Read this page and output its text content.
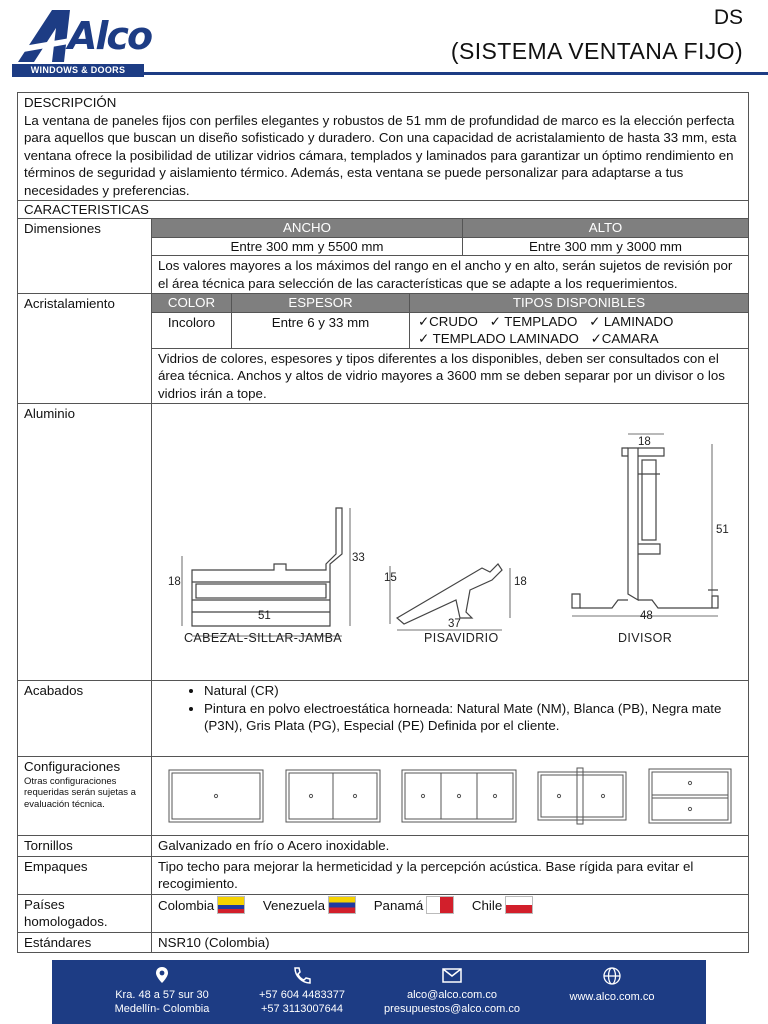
Alco
WINDOWS & DOORS
DS
(SISTEMA VENTANA FIJO)
DESCRIPCIÓN
La ventana de paneles fijos con perfiles elegantes y robustos de 51 mm de profundidad de marco es la elección perfecta para aquellos que buscan un diseño sofisticado y duradero. Con una capacidad de acristalamiento de hasta 33 mm, esta ventana ofrece la posibilidad de utilizar vidrios cámara, templados y laminados para garantizar un óptimo rendimiento en términos de seguridad y aislamiento térmico. Además, esta ventana se puede personalizar para adaptarse a tus necesidades y preferencias.
CARACTERISTICAS
Dimensiones	ANCHO	ALTO
Entre 300 mm y 5500 mm	Entre 300 mm y 3000 mm
Los valores mayores a los máximos del rango en el ancho y en alto, serán sujetos de revisión por el área técnica para selección de las características que se adapte a los requerimientos.
Acristalamiento	COLOR	ESPESOR	TIPOS DISPONIBLES
Incoloro	Entre 6 y 33 mm	✓CRUDO ✓ TEMPLADO ✓ LAMINADO
✓ TEMPLADO LAMINADO ✓CAMARA
Vidrios de colores, espesores y tipos diferentes a los disponibles, deben ser consultados con el área técnica. Anchos y altos de vidrio mayores a 3600 mm se deben separar por un divisor o los vidrios irán a tope.
Aluminio
33
18
51
CABEZAL-SILLAR-JAMBA
15	18
37
PISAVIDRIO
18
51
48
DIVISOR
Acabados
•	Natural (CR)
• Pintura en polvo electroestática horneada: Natural Mate (NM), Blanca (PB), Negra mate (P3N), Gris Plata (PG), Especial (PE) Definida por el cliente.
Configuraciones
Otras configuraciones requeridas serán sujetas a evaluación técnica.
Tornillos	Galvanizado en frío o Acero inoxidable.
Empaques	Tipo techo para mejorar la hermeticidad y la percepción acústica. Base rígida para evitar el recogimiento.
Países homologados.
Colombia	Venezuela	Panamá	Chile
Estándares	NSR10 (Colombia)
Kra. 48 a 57 sur 30
Medellín- Colombia
+57 604 4483377
+57 3113007644
alco@alco.com.co
presupuestos@alco.com.co
www.alco.com.co
